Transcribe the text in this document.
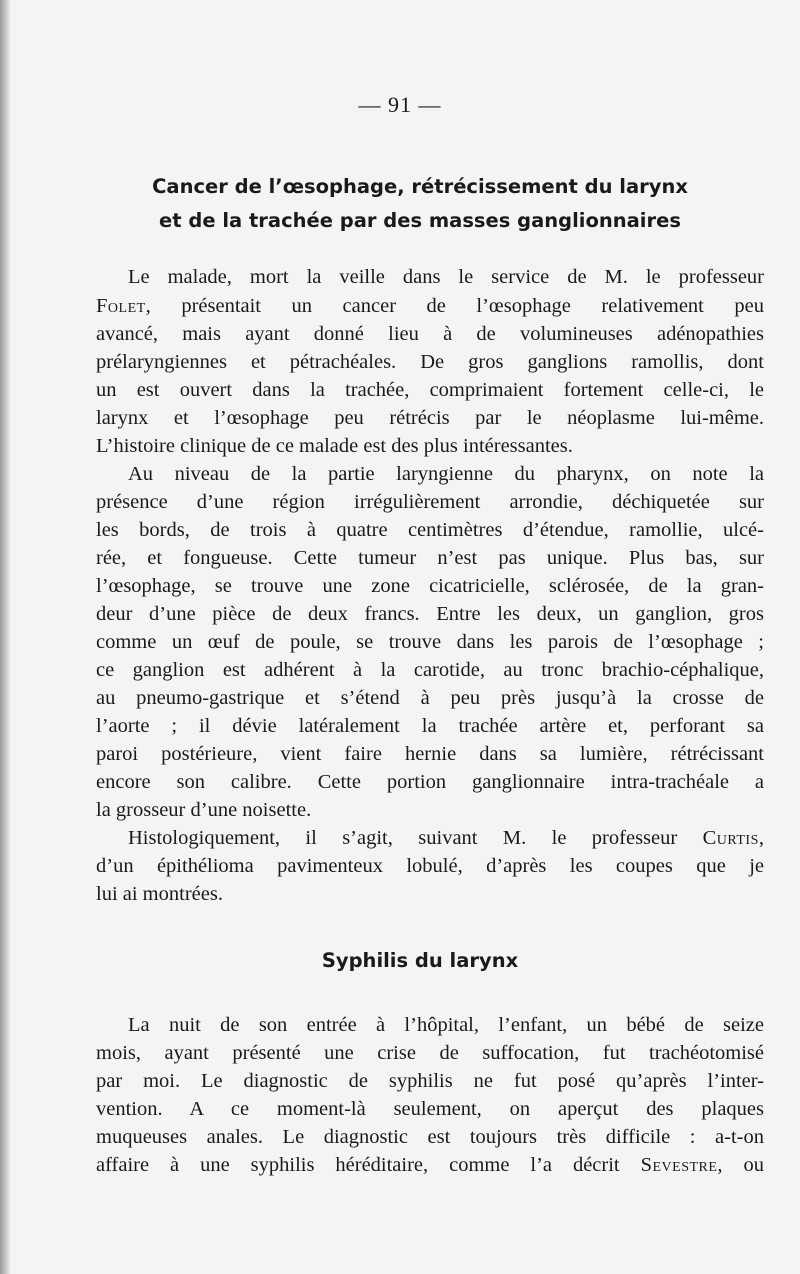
— 91 —
Cancer de l’œsophage, rétrécissement du larynx
et de la trachée par des masses ganglionnaires
Le malade, mort la veille dans le service de M. le professeur
Folet, présentait un cancer de l’œsophage relativement peu
avancé, mais ayant donné lieu à de volumineuses adénopathies
prélaryngiennes et pétrachéales. De gros ganglions ramollis, dont
un est ouvert dans la trachée, comprimaient fortement celle-ci, le
larynx et l’œsophage peu rétrécis par le néoplasme lui-même.
L’histoire clinique de ce malade est des plus intéressantes.
Au niveau de la partie laryngienne du pharynx, on note la
présence d’une région irrégulièrement arrondie, déchiquetée sur
les bords, de trois à quatre centimètres d’étendue, ramollie, ulcé-
rée, et fongueuse. Cette tumeur n’est pas unique. Plus bas, sur
l’œsophage, se trouve une zone cicatricielle, sclérosée, de la gran-
deur d’une pièce de deux francs. Entre les deux, un ganglion, gros
comme un œuf de poule, se trouve dans les parois de l’œsophage ;
ce ganglion est adhérent à la carotide, au tronc brachio-céphalique,
au pneumo-gastrique et s’étend à peu près jusqu’à la crosse de
l’aorte ; il dévie latéralement la trachée artère et, perforant sa
paroi postérieure, vient faire hernie dans sa lumière, rétrécissant
encore son calibre. Cette portion ganglionnaire intra-trachéale a
la grosseur d’une noisette.
Histologiquement, il s’agit, suivant M. le professeur Curtis,
d’un épithélioma pavimenteux lobulé, d’après les coupes que je
lui ai montrées.
Syphilis du larynx
La nuit de son entrée à l’hôpital, l’enfant, un bébé de seize
mois, ayant présenté une crise de suffocation, fut trachéotomisé
par moi. Le diagnostic de syphilis ne fut posé qu’après l’inter-
vention. A ce moment-là seulement, on aperçut des plaques
muqueuses anales. Le diagnostic est toujours très difficile : a-t-on
affaire à une syphilis héréditaire, comme l’a décrit Sevestre, ou
